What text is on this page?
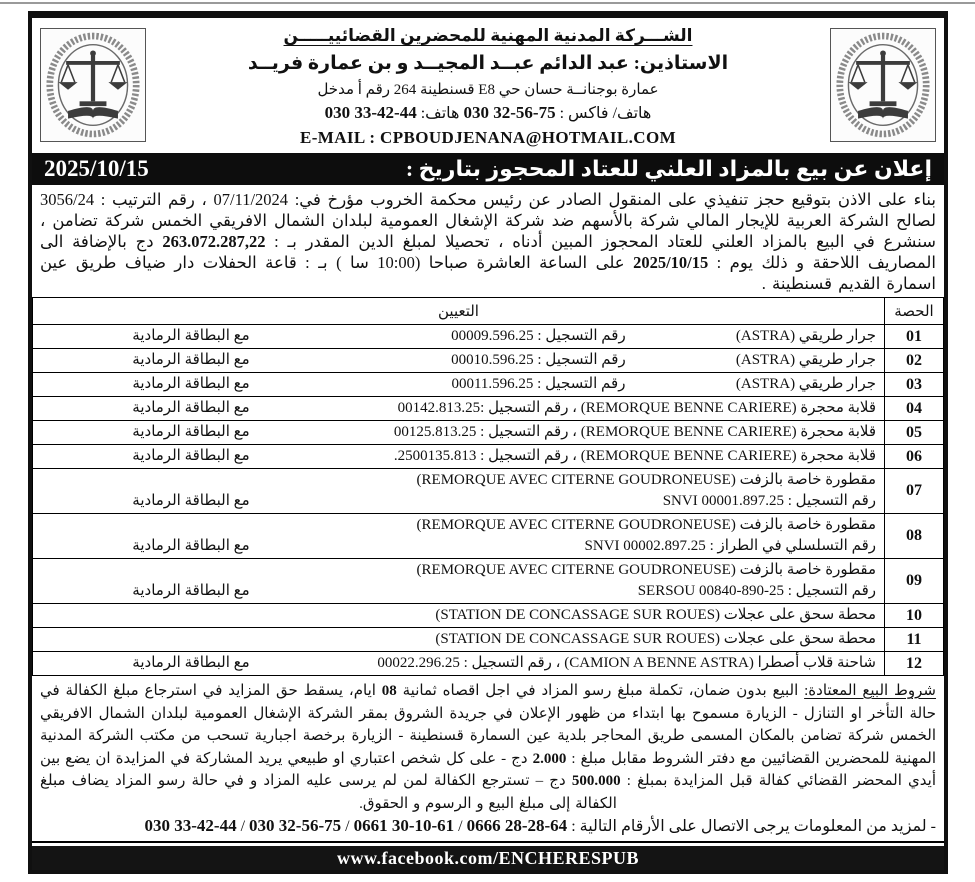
الشـــركة المدنية المهنية للمحضرين القضائييـــــن
الاستاذين: عبد الدائم عبــد المجيــد و بن عمارة فريــد
عمارة بوجنانــة حسان حي E8 قسنطينة 264 رقم أ مدخل
هاتف/ فاكس : 030 32-56-75 هاتف: 030 33-42-44
E-MAIL : CPBOUDJENANA@HOTMAIL.COM
إعلان عن بيع بالمزاد العلني للعتاد المحجوز بتاريخ :
2025/10/15
بناء على الاذن بتوقيع حجز تنفيذي على المنقول الصادر عن رئيس محكمة الخروب مؤرخ في: 07/11/2024 ، رقم الترتيب : 3056/24 لصالح الشركة العربية للإيجار المالي شركة بالأسهم ضد شركة الإشغال العمومية لبلدان الشمال الافريقي الخمس شركة تضامن ، سنشرع في البيع بالمزاد العلني للعتاد المحجوز المبين أدناه ، تحصيلا لمبلغ الدين المقدر بـ : 263.072.287,22 دج بالإضافة الى المصاريف اللاحقة و ذلك يوم : 2025/10/15 على الساعة العاشرة صباحا (10:00 سا ) بـ : قاعة الحفلات دار ضياف طريق عين اسمارة القديم قسنطينة .
الحصة	التعيين
01	جرار طريقي (ASTRA)
رقم التسجيل : 00009.596.25
مع البطاقة الرمادية

02	جرار طريقي (ASTRA)
رقم التسجيل : 00010.596.25
مع البطاقة الرمادية

03	جرار طريقي (ASTRA)
رقم التسجيل : 00011.596.25
مع البطاقة الرمادية

04	قلابة محجرة (REMORQUE BENNE CARIERE) ، رقم التسجيل :00142.813.25
مع البطاقة الرمادية

05	قلابة محجرة (REMORQUE BENNE CARIERE) ، رقم التسجيل : 00125.813.25
مع البطاقة الرمادية

06	قلابة محجرة (REMORQUE BENNE CARIERE) ، رقم التسجيل : 2500135.813.
مع البطاقة الرمادية

07	مقطورة خاصة بالزفت (REMORQUE AVEC CITERNE GOUDRONEUSE)
رقم التسجيل : SNVI 00001.897.25
مع البطاقة الرمادية

08	مقطورة خاصة بالزفت (REMORQUE AVEC CITERNE GOUDRONEUSE)
رقم التسلسلي في الطراز : SNVI 00002.897.25
مع البطاقة الرمادية

09	مقطورة خاصة بالزفت (REMORQUE AVEC CITERNE GOUDRONEUSE)
رقم التسجيل : SERSOU 00840-890-25
مع البطاقة الرمادية

10	محطة سحق على عجلات (STATION DE CONCASSAGE SUR ROUES)

11	محطة سحق على عجلات (STATION DE CONCASSAGE SUR ROUES)

12	شاحنة قلاب أصطرا (CAMION A BENNE ASTRA) ، رقم التسجيل : 00022.296.25
مع البطاقة الرمادية
شروط البيع المعتادة: البيع بدون ضمان، تكملة مبلغ رسو المزاد في اجل اقصاه ثمانية 08 ايام، يسقط حق المزايد في استرجاع مبلغ الكفالة في حالة التأخر او التنازل - الزيارة مسموح بها ابتداء من ظهور الإعلان في جريدة الشروق بمقر الشركة الإشغال العمومية لبلدان الشمال الافريقي الخمس شركة تضامن بالمكان المسمى طريق المحاجر بلدية عين السمارة قسنطينة - الزيارة برخصة اجبارية تسحب من مكتب الشركة المدنية المهنية للمحضرين القضائيين مع دفتر الشروط مقابل مبلغ : 2.000 دج - على كل شخص اعتباري او طبيعي يريد المشاركة في المزايدة ان يضع بين أيدي المحضر القضائي كفالة قبل المزايدة بمبلغ : 500.000 دج – تسترجع الكفالة لمن لم يرسى عليه المزاد و في حالة رسو المزاد يضاف مبلغ الكفالة إلى مبلغ البيع و الرسوم و الحقوق.
- لمزيد من المعلومات يرجى الاتصال على الأرقام التالية : 0666 28-28-64 / 0661 30-10-61 / 030 32-56-75 / 030 33-42-44
www.facebook.com/ENCHERESPUB
